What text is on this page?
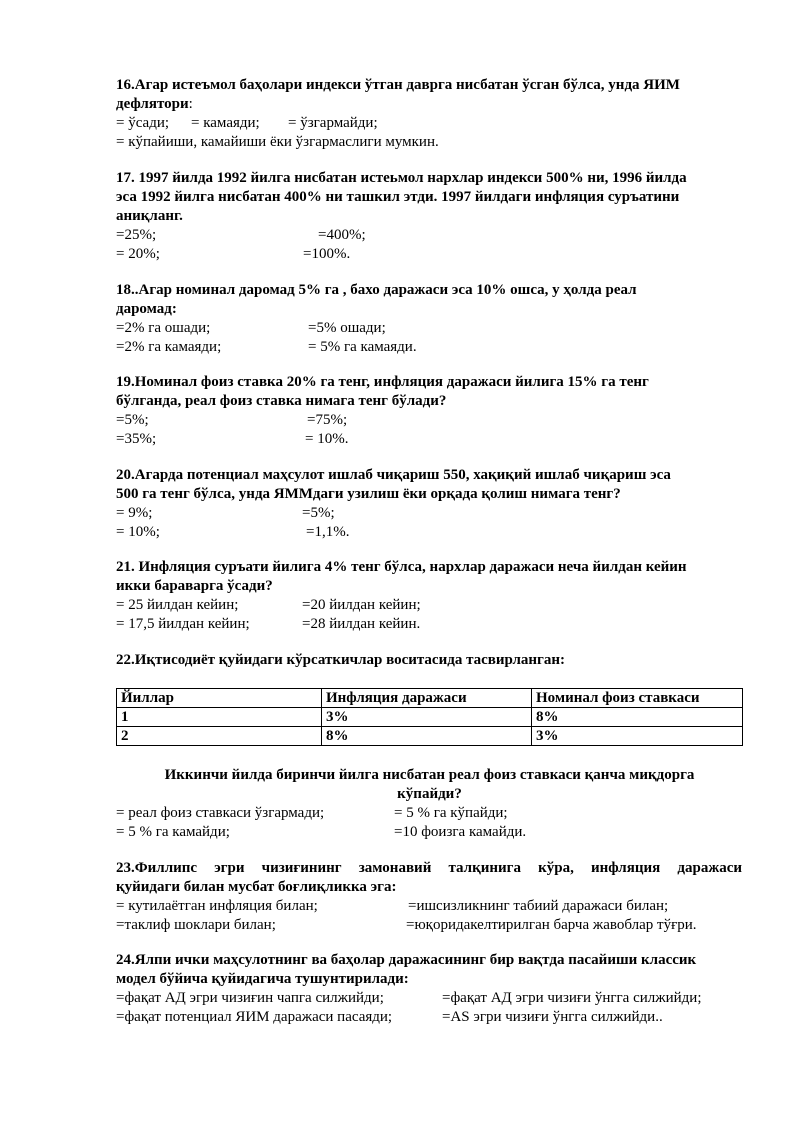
16.Агар истеъмол баҳолари индекси ўтган даврга нисбатан ўсган бўлса, унда ЯИМ
дефлятори:
= ўсади; = камаяди; = ўзгармайди;
= кўпайиши, камайиши ёки ўзгармаслиги мумкин.
17. 1997 йилда 1992 йилга нисбатан истеьмол нархлар индекси 500% ни, 1996 йилда
эса 1992 йилга нисбатан 400% ни ташкил этди. 1997 йилдаги инфляция суръатини
аниқланг.
=25%;	=400%;
= 20%;	=100%.
18..Агар номинал даромад 5% га , бахо даражаси эса 10% ошса, у ҳолда реал
даромад:
=2% га ошади;	=5% ошади;
=2% га камаяди;	= 5% га камаяди.
19.Номинал фоиз ставка 20% га тенг, инфляция даражаси йилига 15% га тенг
бўлганда, реал фоиз ставка нимага тенг бўлади?
=5%;	=75%;
=35%;	= 10%.
20.Агарда потенциал маҳсулот ишлаб чиқариш 550, хақиқий ишлаб чиқариш эса
500 га тенг бўлса, унда ЯММдаги узилиш ёки орқада қолиш нимага тенг?
= 9%;	=5%;
= 10%;	=1,1%.
21. Инфляция суръати йилига 4% тенг бўлса, нархлар даражаси неча йилдан кейин
икки бараварга ўсади?
= 25 йилдан кейин;	=20 йилдан кейин;
= 17,5 йилдан кейин;	=28 йилдан кейин.
22.Иқтисодиёт қуйидаги кўрсаткичлар воситасида тасвирланган:
Йиллар	Инфляция даражаси	Номинал фоиз ставкаси
1	3%	8%
2	8%	3%
Иккинчи йилда биринчи йилга нисбатан реал фоиз ставкаси қанча миқдорга
кўпайди?
= реал фоиз ставкаси ўзгармади;	= 5 % га кўпайди;
= 5 % га камайди;	=10 фоизга камайди.
23.Филлипс эгри чизиғининг замонавий талқинига кўра, инфляция даражаси
қуйидаги билан мусбат боғлиқликка эга:
= кутилаётган инфляция билан;	=ишсизликнинг табиий даражаси билан;
=таклиф шоклари билан;	=юқоридакелтирилган барча жавоблар тўғри.
24.Ялпи ички маҳсулотнинг ва баҳолар даражасининг бир вақтда пасайиши классик
модел бўйича қуйидагича тушунтирилади:
=фақат АД эгри чизиғин чапга силжийди;	=фақат АД эгри чизиғи ўнгга силжийди;
=фақат потенциал ЯИМ даражаси пасаяди;	=AS эгри чизиғи ўнгга силжийди..
